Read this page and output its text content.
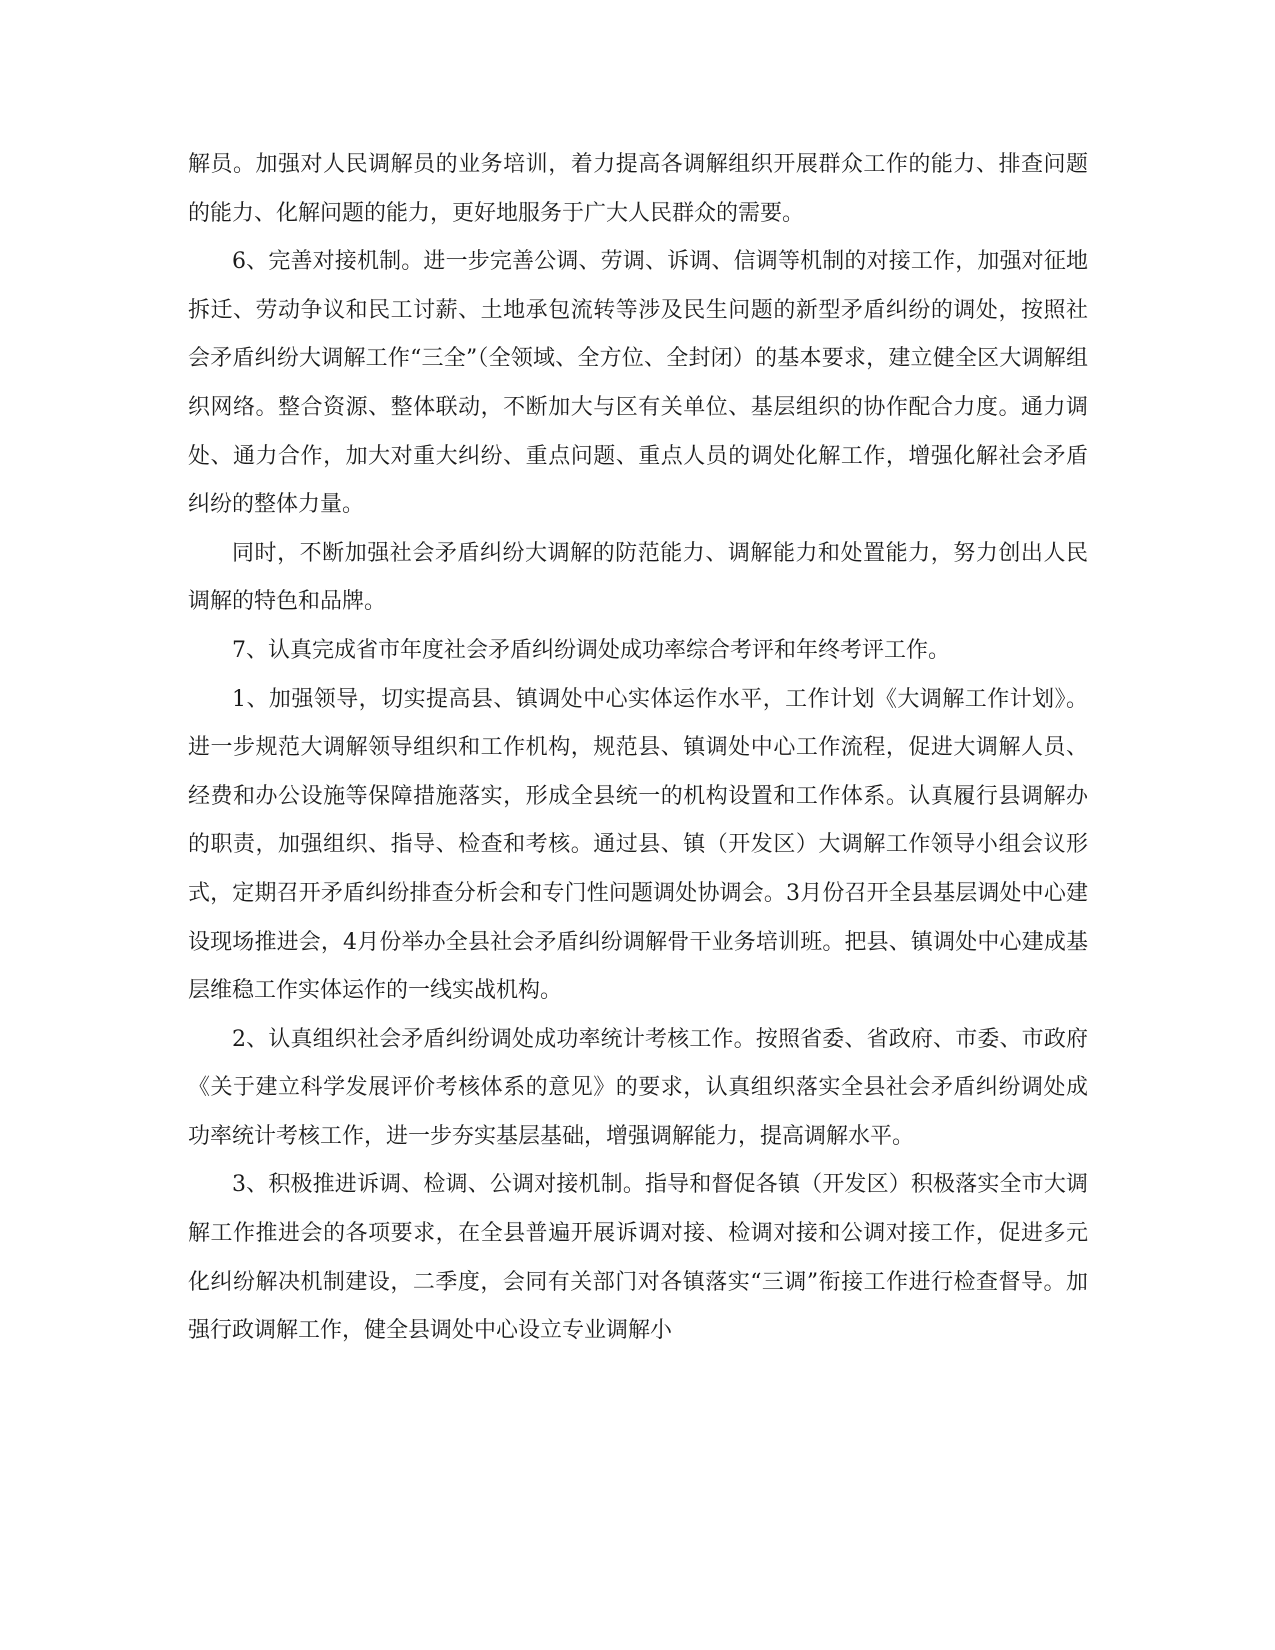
解员。加强对人民调解员的业务培训，着力提高各调解组织开展群众工作的能力、排查问题的能力、化解问题的能力，更好地服务于广大人民群众的需要。

6、完善对接机制。进一步完善公调、劳调、诉调、信调等机制的对接工作，加强对征地拆迁、劳动争议和民工讨薪、土地承包流转等涉及民生问题的新型矛盾纠纷的调处，按照社会矛盾纠纷大调解工作“三全”（全领域、全方位、全封闭）的基本要求，建立健全区大调解组织网络。整合资源、整体联动，不断加大与区有关单位、基层组织的协作配合力度。通力调处、通力合作，加大对重大纠纷、重点问题、重点人员的调处化解工作，增强化解社会矛盾纠纷的整体力量。

同时，不断加强社会矛盾纠纷大调解的防范能力、调解能力和处置能力，努力创出人民调解的特色和品牌。

7、认真完成省市年度社会矛盾纠纷调处成功率综合考评和年终考评工作。

1、加强领导，切实提高县、镇调处中心实体运作水平，工作计划《大调解工作计划》。进一步规范大调解领导组织和工作机构，规范县、镇调处中心工作流程，促进大调解人员、经费和办公设施等保障措施落实，形成全县统一的机构设置和工作体系。认真履行县调解办的职责，加强组织、指导、检查和考核。通过县、镇（开发区）大调解工作领导小组会议形式，定期召开矛盾纠纷排查分析会和专门性问题调处协调会。3月份召开全县基层调处中心建设现场推进会，4月份举办全县社会矛盾纠纷调解骨干业务培训班。把县、镇调处中心建成基层维稳工作实体运作的一线实战机构。

2、认真组织社会矛盾纠纷调处成功率统计考核工作。按照省委、省政府、市委、市政府《关于建立科学发展评价考核体系的意见》的要求，认真组织落实全县社会矛盾纠纷调处成功率统计考核工作，进一步夯实基层基础，增强调解能力，提高调解水平。

3、积极推进诉调、检调、公调对接机制。指导和督促各镇（开发区）积极落实全市大调解工作推进会的各项要求，在全县普遍开展诉调对接、检调对接和公调对接工作，促进多元化纠纷解决机制建设，二季度，会同有关部门对各镇落实“三调”衔接工作进行检查督导。加强行政调解工作，健全县调处中心设立专业调解小
